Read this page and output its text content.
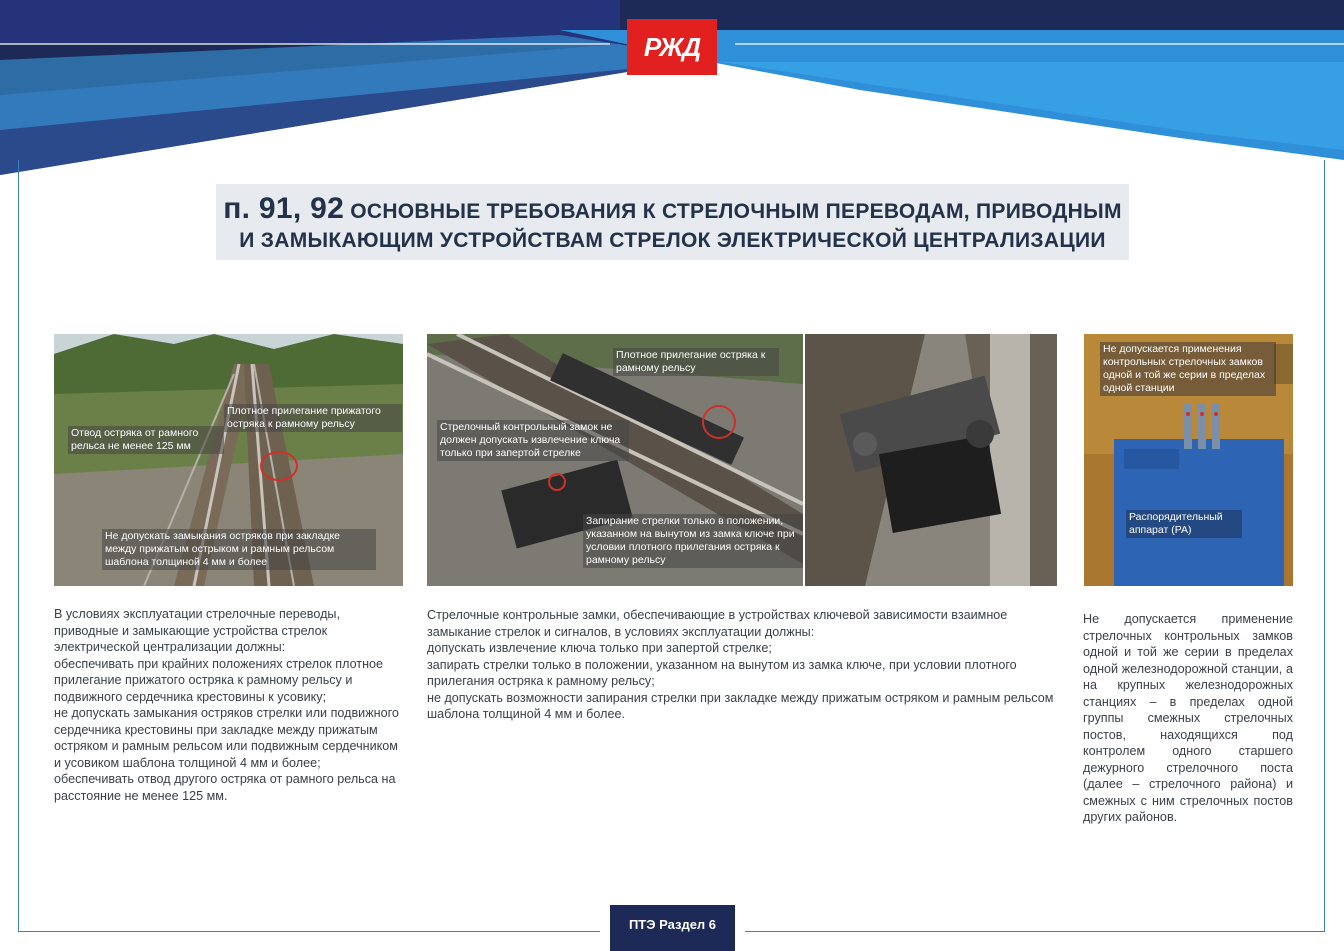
РЖД
п. 91, 92 ОСНОВНЫЕ ТРЕБОВАНИЯ К СТРЕЛОЧНЫМ ПЕРЕВОДАМ, ПРИВОДНЫМ
И ЗАМЫКАЮЩИМ УСТРОЙСТВАМ СТРЕЛОК ЭЛЕКТРИЧЕСКОЙ ЦЕНТРАЛИЗАЦИИ
Отвод остряка от рамного рельса не менее 125 мм
Плотное прилегание прижатого остряка к рамному рельсу
Не допускать замыкания остряков при закладке между прижатым острыком и рамным рельсом шаблона толщиной 4 мм и более
Плотное прилегание остряка к рамному рельсу
Стрелочный контрольный замок не должен допускать извлечение ключа только при запертой стрелке
Запирание стрелки только в положении, указанном на вынутом из замка ключе при условии плотного прилегания остряка к рамному рельсу
Не допускается применения контрольных стрелочных замков одной и той же серии в пределах одной станции
Распорядительный аппарат (РА)

В условиях эксплуатации стрелочные переводы, приводные и замыкающие устройства стрелок электрической централизации должны:

обеспечивать при крайних положениях стрелок плотное прилегание прижатого остряка к рамному рельсу и подвижного сердечника крестовины к усовику;

не допускать замыкания остряков стрелки или подвижного сердечника крестовины при закладке между прижатым остряком и рамным рельсом или подвижным сердечником и усовиком шаблона толщиной 4 мм и более;

обеспечивать отвод другого остряка от рамного рельса на расстояние не менее 125 мм.

Стрелочные контрольные замки, обеспечивающие в устройствах ключевой зависимости взаимное замыкание стрелок и сигналов, в условиях эксплуатации должны:

допускать извлечение ключа только при запертой стрелке;

запирать стрелки только в положении, указанном на вынутом из замка ключе, при условии плотного прилегания остряка к рамному рельсу;

не допускать возможности запирания стрелки при закладке между прижатым остряком и рамным рельсом шаблона толщиной 4 мм и более.

Не допускается применение стрелочных контрольных замков одной и той же серии в пределах одной железнодорожной станции, а на крупных железнодорожных станциях – в пределах одной группы смежных стрелочных постов, находящихся под контролем одного старшего дежурного стрелочного поста (далее – стрелочного района) и смежных с ним стрелочных постов других районов.

ПТЭ Раздел 6
